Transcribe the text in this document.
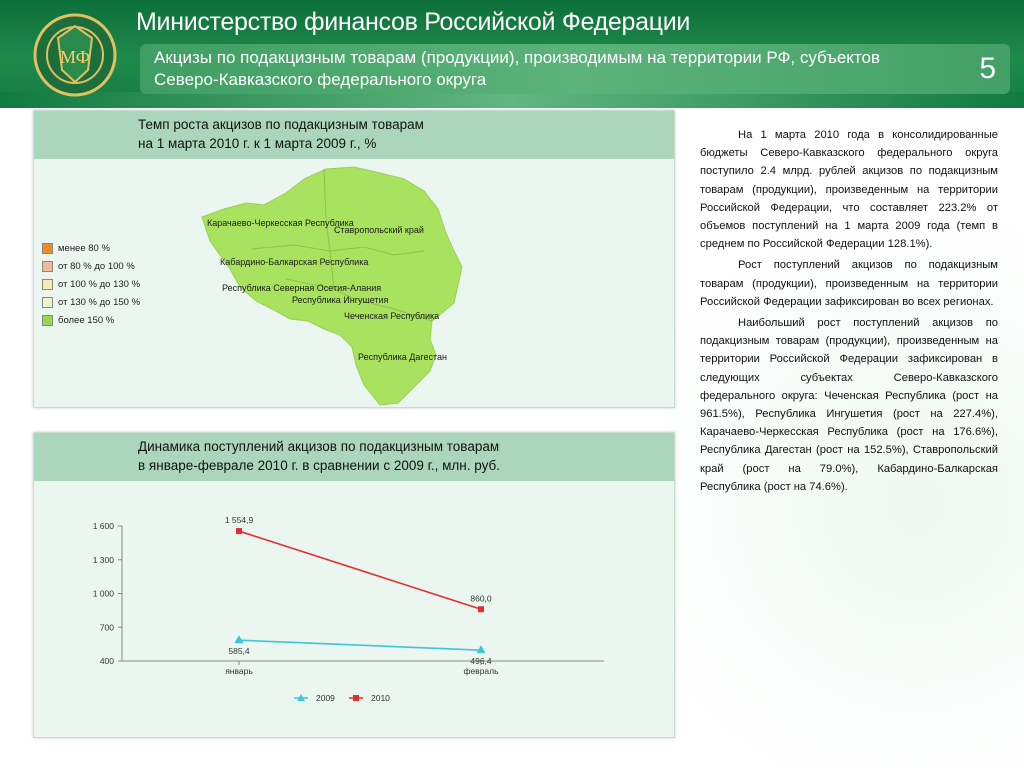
МФ
Министерство финансов Российской Федерации
Акцизы по подакцизным товарам (продукции), производимым на территории РФ, субъектов Северо-Кавказского федерального округа	5
Темп роста акцизов по подакцизным товарам
на 1 марта 2010 г. к 1 марта 2009 г., %
менее 80 %
от 80 % до 100 %
от 100 % до 130 %
от 130 % до 150 %
более 150 %
Карачаево-Черкесская Республика
Ставропольский край
Кабардино-Балкарская Республика
Республика Северная Осетия-Алания
Республика Ингушетия
Чеченская Республика
Республика Дагестан
Динамика поступлений акцизов по подакцизным товарам
в январе-феврале 2010 г. в сравнении с 2009 г., млн. руб.
400
700
1 000
1 300
1 600
январь	февраль
585,4
496,4
1 554,9
860,0
2009	2010

На 1 марта 2010 года в консолидированные бюджеты Северо-Кавказского федерального округа поступило 2.4 млрд. рублей акцизов по подакцизным товарам (продукции), произведенным на территории Российской Федерации, что составляет 223.2% от объемов поступлений на 1 марта 2009 года (темп в среднем по Российской Федерации 128.1%).

Рост поступлений акцизов по подакцизным товарам (продукции), произведенным на территории Российской Федерации зафиксирован во всех регионах.

Наибольший рост поступлений акцизов по подакцизным товарам (продукции), произведенным на территории Российской Федерации зафиксирован в следующих субъектах Северо-Кавказского федерального округа: Чеченская Республика (рост на 961.5%), Республика Ингушетия (рост на 227.4%), Карачаево-Черкесская Республика (рост на 176.6%), Республика Дагестан (рост на 152.5%), Ставропольский край (рост на 79.0%), Кабардино-Балкарская Республика (рост на 74.6%).
